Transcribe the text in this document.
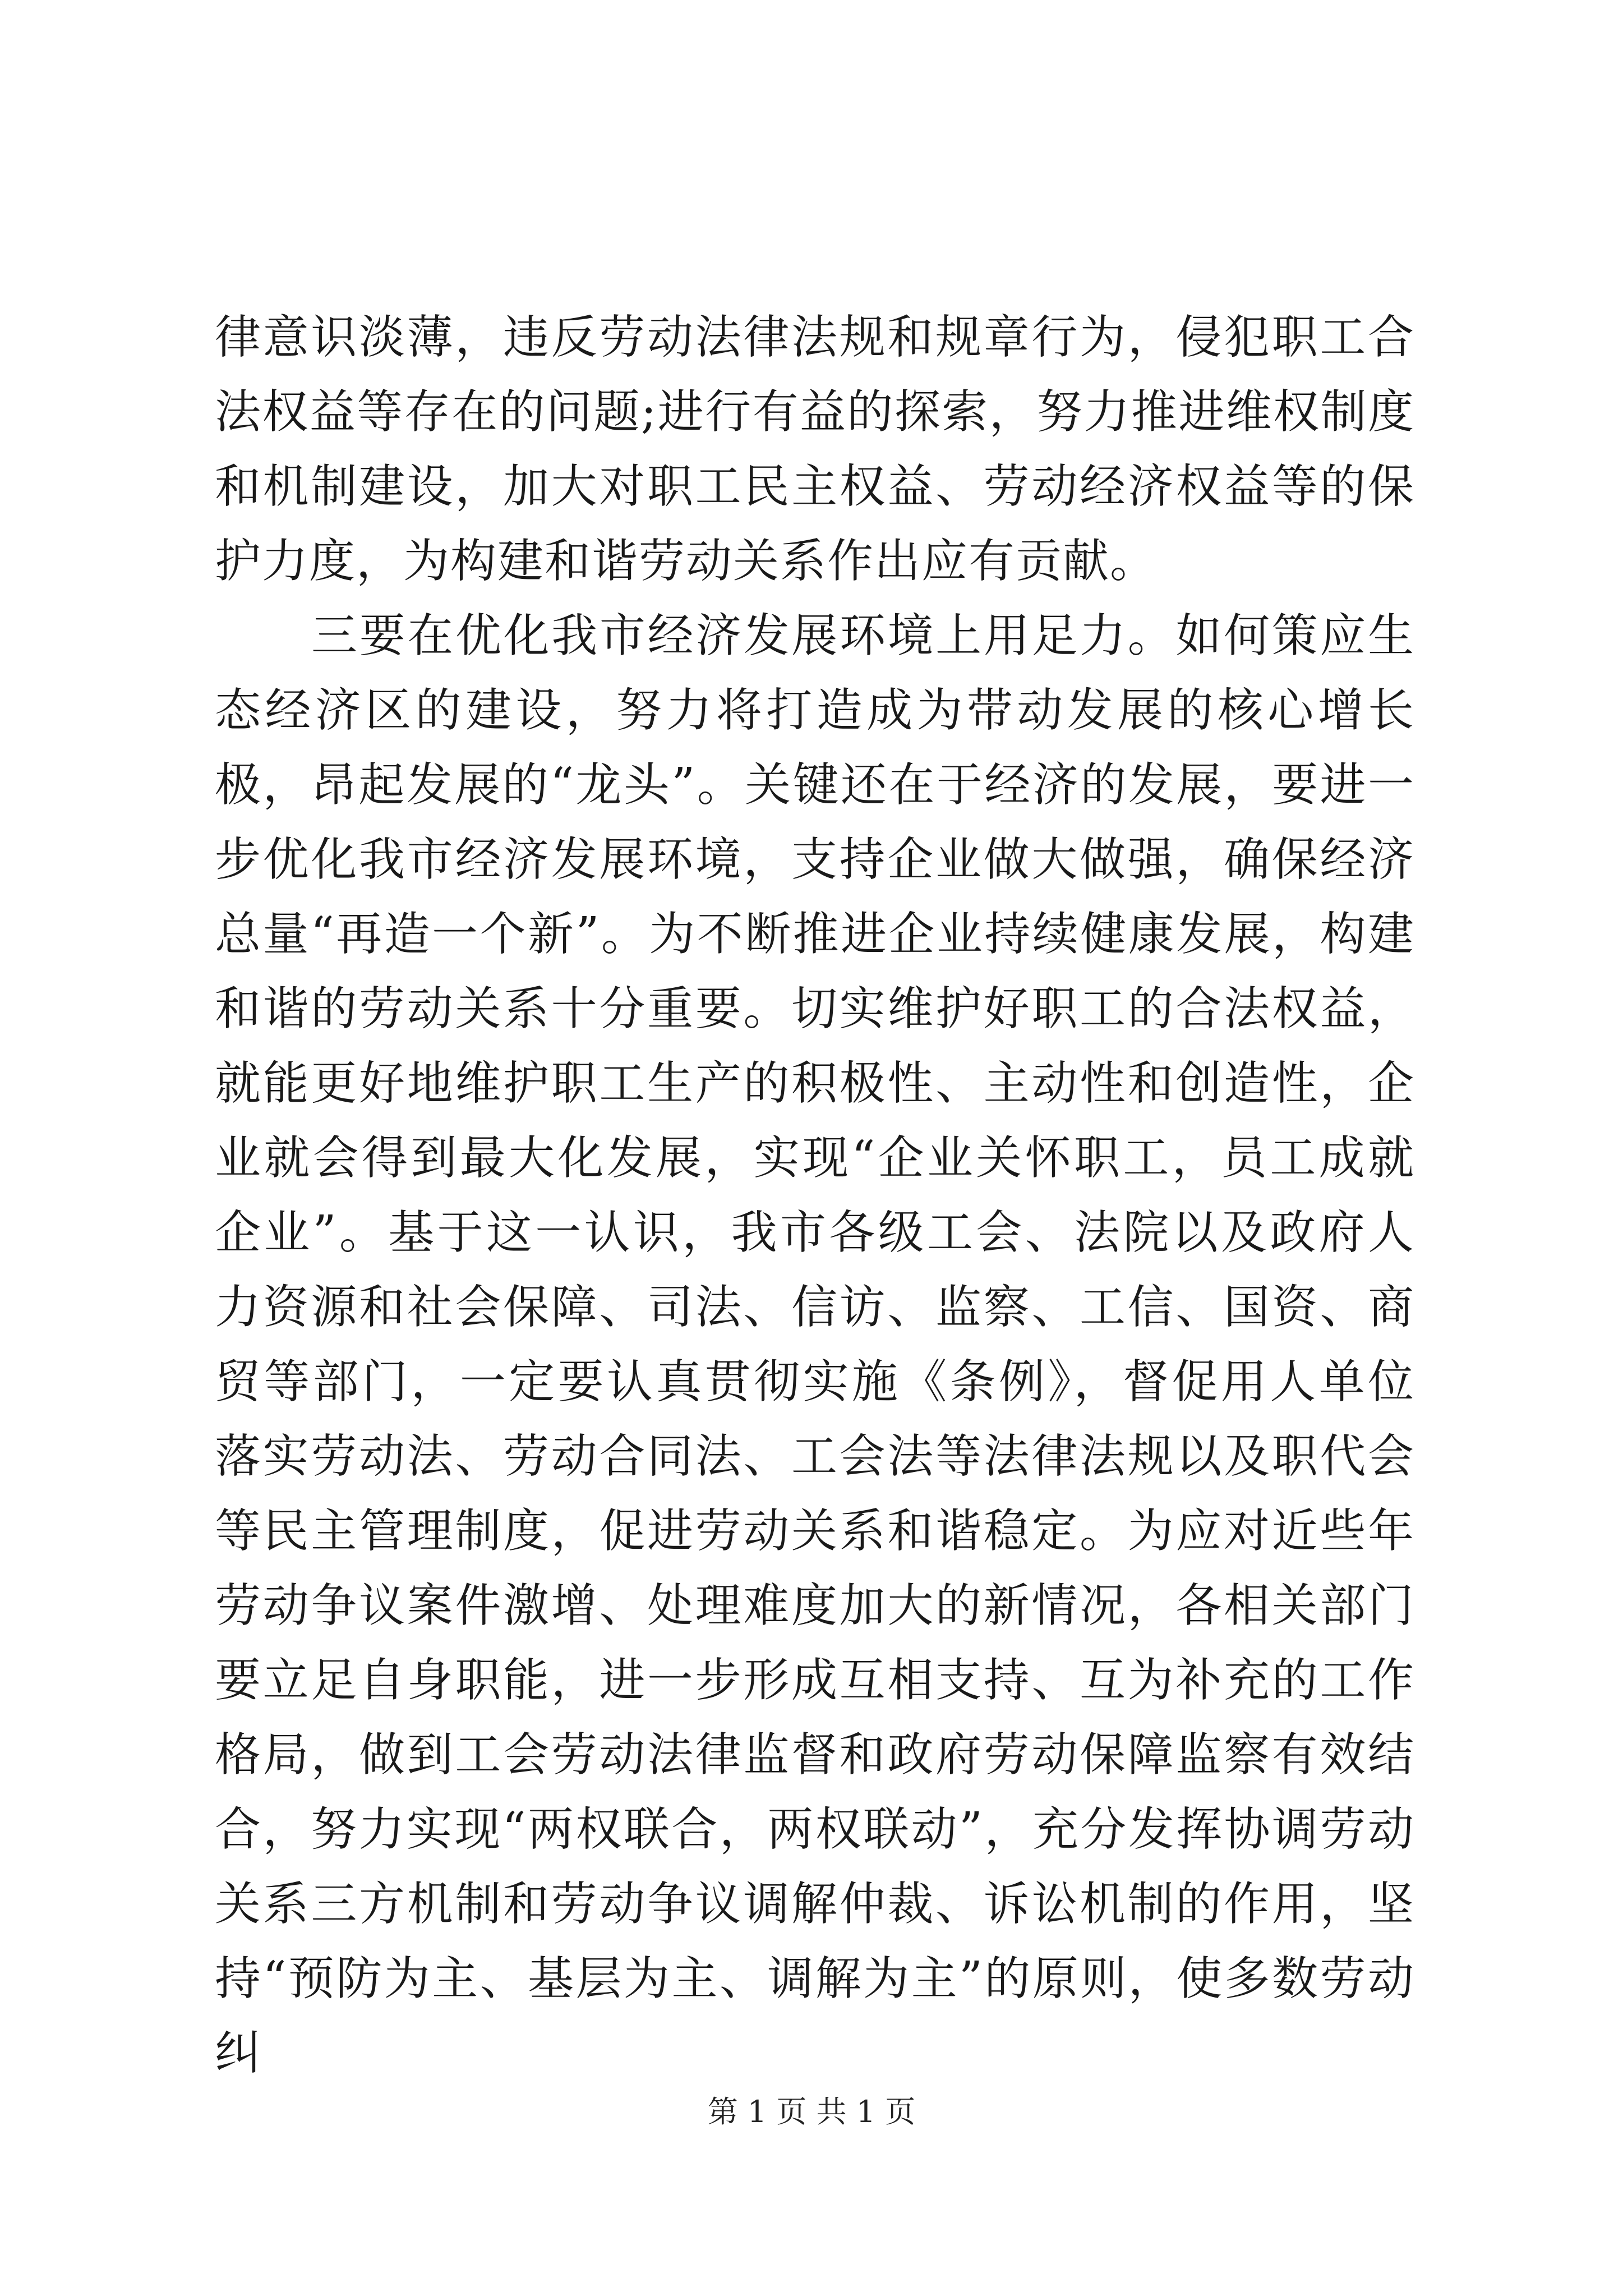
律意识淡薄，违反劳动法律法规和规章行为，侵犯职工合法权益等存在的问题;进行有益的探索，努力推进维权制度和机制建设，加大对职工民主权益、劳动经济权益等的保护力度，为构建和谐劳动关系作出应有贡献。

三要在优化我市经济发展环境上用足力。如何策应生态经济区的建设，努力将打造成为带动发展的核心增长极，昂起发展的“龙头”。关键还在于经济的发展，要进一步优化我市经济发展环境，支持企业做大做强，确保经济总量“再造一个新”。为不断推进企业持续健康发展，构建和谐的劳动关系十分重要。切实维护好职工的合法权益，就能更好地维护职工生产的积极性、主动性和创造性，企业就会得到最大化发展，实现“企业关怀职工，员工成就企业”。基于这一认识，我市各级工会、法院以及政府人力资源和社会保障、司法、信访、监察、工信、国资、商贸等部门，一定要认真贯彻实施《条例》，督促用人单位落实劳动法、劳动合同法、工会法等法律法规以及职代会等民主管理制度，促进劳动关系和谐稳定。为应对近些年劳动争议案件激增、处理难度加大的新情况，各相关部门要立足自身职能，进一步形成互相支持、互为补充的工作格局，做到工会劳动法律监督和政府劳动保障监察有效结合，努力实现“两权联合，两权联动”，充分发挥协调劳动关系三方机制和劳动争议调解仲裁、诉讼机制的作用，坚持“预防为主、基层为主、调解为主”的原则，使多数劳动纠

第 1 页 共 1 页
